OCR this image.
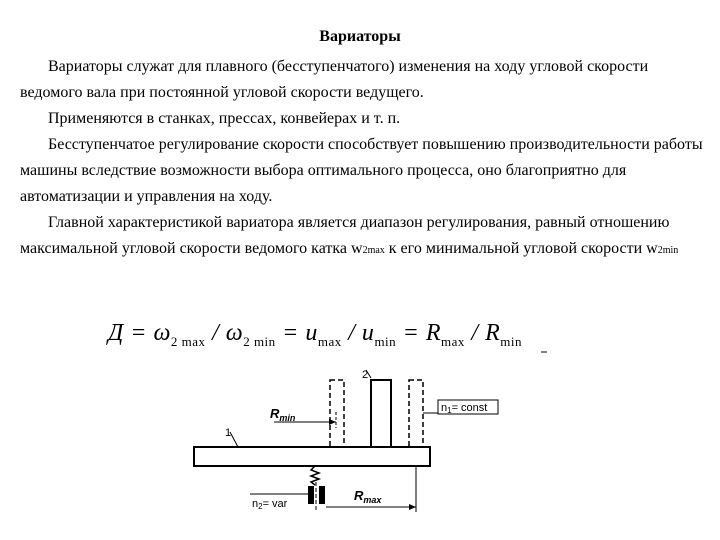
Вариаторы

Вариаторы служат для плавного (бесступенчатого) изменения на ходу угловой скорости ведомого вала при постоянной угловой скорости ведущего.

Применяются в станках, прессах, конвейерах и т. п.

Бесступенчатое регулирование скорости способствует повышению производительности работы машины вследствие возможности выбора оптимального процесса, оно благоприятно для автоматизации и управления на ходу.

Главной характеристикой вариатора является диапазон регулирования, равный отношению максимальной угловой скорости ведомого катка w2max к его минимальной угловой скорости w2min

$Д = \omega_{2 max} / \omega_{2 min} = u_{max} / u_{min} = R_{max} / R_{min}$
2
1
$R_{min}$
n1= const
n2= var
$R_{max}$
